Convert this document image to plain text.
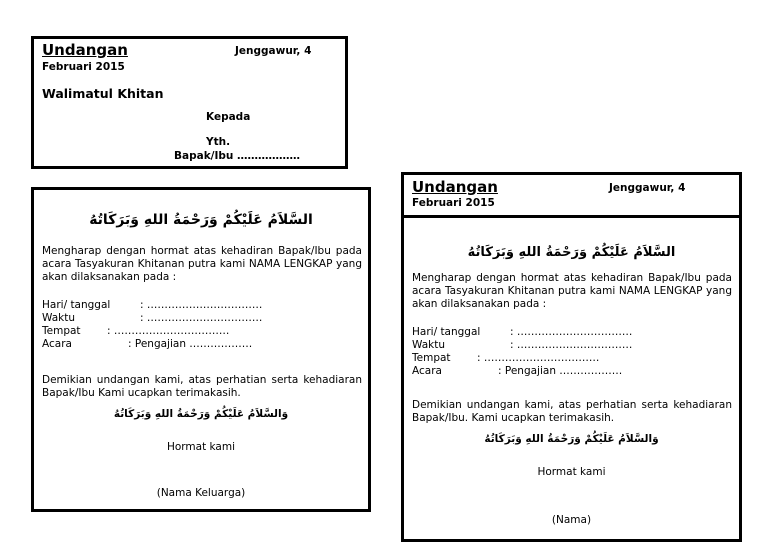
Undangan	Jenggawur, 4
Februari 2015
Walimatul Khitan
Kepada
Yth.
Bapak/Ibu ………………
السَّلاَمُ عَلَيْكُمْ وَرَحْمَةُ اللهِ وَبَرَكَاتُهُ
Mengharap dengan hormat atas kehadiran Bapak/Ibu pada acara Tasyakuran Khitanan putra kami NAMA LENGKAP yang akan dilaksanakan pada :
Hari/ tanggal	: ……………………………
Waktu	: ……………………………
Tempat	: ……………………………
Acara	: Pengajian ………………
Demikian undangan kami, atas perhatian serta kehadiaran Bapak/Ibu Kami ucapkan terimakasih.
وَالسَّلاَمُ عَلَيْكُمْ وَرَحْمَةُ اللهِ وَبَرَكَاتُهُ
Hormat kami
(Nama Keluarga)
Undangan	Jenggawur, 4
Februari 2015
السَّلاَمُ عَلَيْكُمْ وَرَحْمَةُ اللهِ وَبَرَكَاتُهُ
Mengharap dengan hormat atas kehadiran Bapak/Ibu pada acara Tasyakuran Khitanan putra kami NAMA LENGKAP yang akan dilaksanakan pada :
Hari/ tanggal	: ……………………………
Waktu	: ……………………………
Tempat	: ……………………………
Acara	: Pengajian ………………
Demikian undangan kami, atas perhatian serta kehadiaran Bapak/Ibu. Kami ucapkan terimakasih.
وَالسَّلاَمُ عَلَيْكُمْ وَرَحْمَةُ اللهِ وَبَرَكَاتُهُ
Hormat kami
(Nama)
